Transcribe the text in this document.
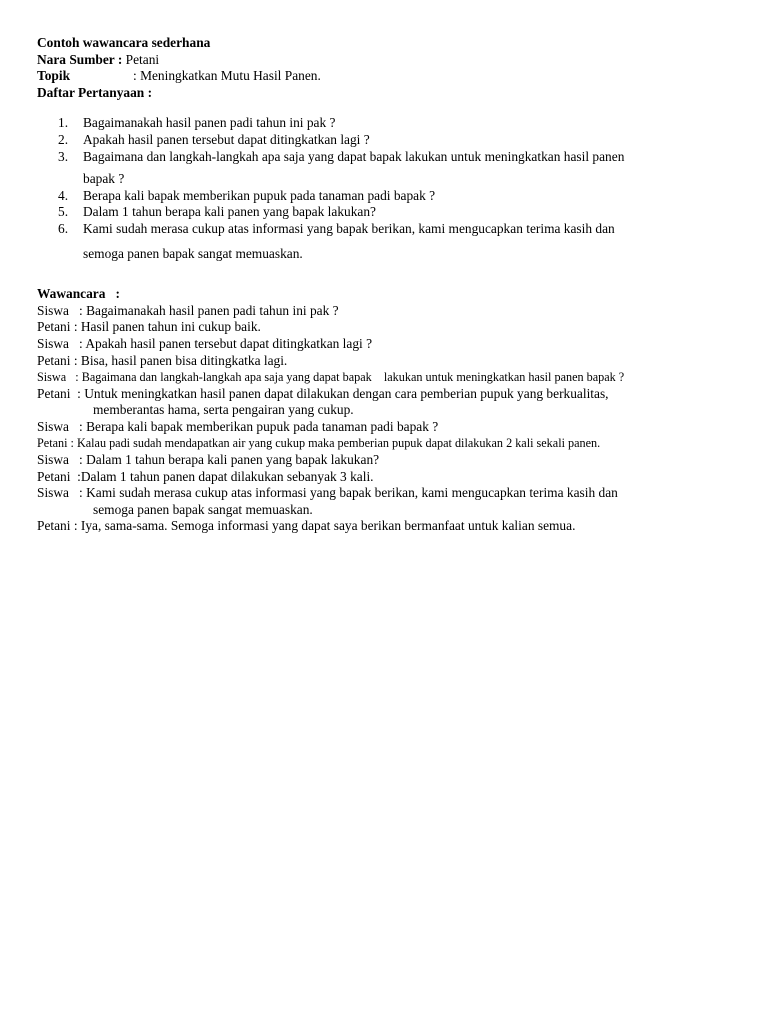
Contoh wawancara sederhana
Nara Sumber : Petani
Topik	: Meningkatkan Mutu Hasil Panen.
Daftar Pertanyaan :
1.	Bagaimanakah hasil panen padi tahun ini pak ?
2.	Apakah hasil panen tersebut dapat ditingkatkan lagi ?
3.	Bagaimana dan langkah-langkah apa saja yang dapat bapak lakukan untuk meningkatkan hasil panen
bapak ?
4.	Berapa kali bapak memberikan pupuk pada tanaman padi bapak ?
5.	Dalam 1 tahun berapa kali panen yang bapak lakukan?
6.	Kami sudah merasa cukup atas informasi yang bapak berikan, kami mengucapkan terima kasih dan
semoga panen bapak sangat memuaskan.
Wawancara   :
Siswa   : Bagaimanakah hasil panen padi tahun ini pak ?
Petani : Hasil panen tahun ini cukup baik.
Siswa   : Apakah hasil panen tersebut dapat ditingkatkan lagi ?
Petani : Bisa, hasil panen bisa ditingkatka lagi.
Siswa   : Bagaimana dan langkah-langkah apa saja yang dapat bapak    lakukan untuk meningkatkan hasil panen bapak ?
Petani  : Untuk meningkatkan hasil panen dapat dilakukan dengan cara pemberian pupuk yang berkualitas,
memberantas hama, serta pengairan yang cukup.
Siswa   : Berapa kali bapak memberikan pupuk pada tanaman padi bapak ?
Petani : Kalau padi sudah mendapatkan air yang cukup maka pemberian pupuk dapat dilakukan 2 kali sekali panen.
Siswa   : Dalam 1 tahun berapa kali panen yang bapak lakukan?
Petani  :Dalam 1 tahun panen dapat dilakukan sebanyak 3 kali.
Siswa   : Kami sudah merasa cukup atas informasi yang bapak berikan, kami mengucapkan terima kasih dan
semoga panen bapak sangat memuaskan.
Petani : Iya, sama-sama. Semoga informasi yang dapat saya berikan bermanfaat untuk kalian semua.
